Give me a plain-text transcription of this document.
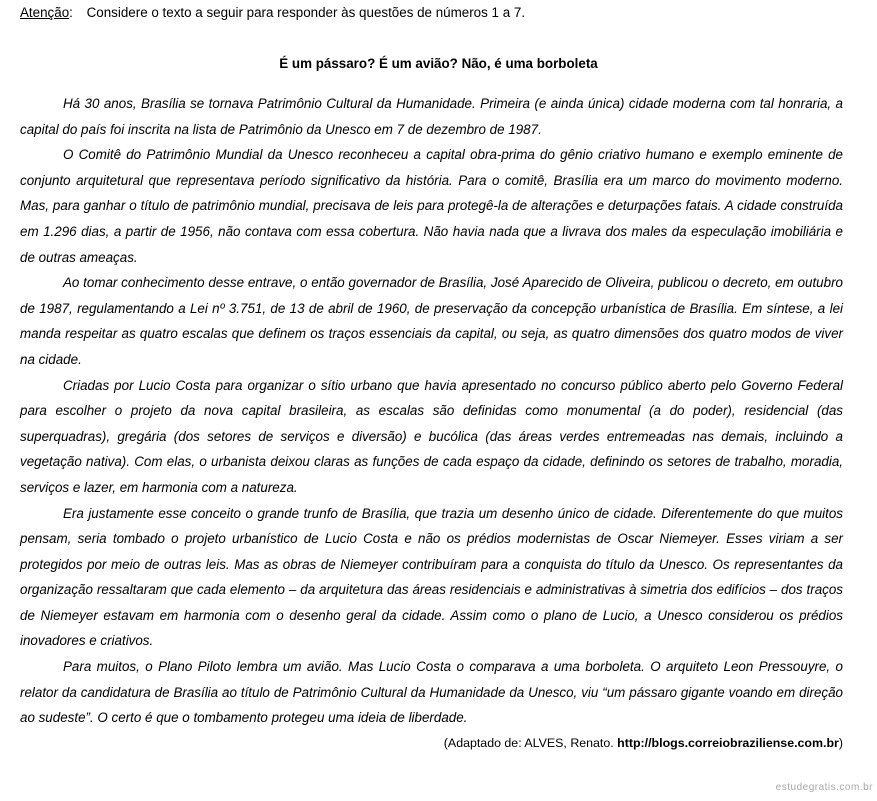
Atenção: Considere o texto a seguir para responder às questões de números 1 a 7.
É um pássaro? É um avião? Não, é uma borboleta

Há 30 anos, Brasília se tornava Patrimônio Cultural da Humanidade. Primeira (e ainda única) cidade moderna com tal honraria, a capital do país foi inscrita na lista de Patrimônio da Unesco em 7 de dezembro de 1987.

O Comitê do Patrimônio Mundial da Unesco reconheceu a capital obra-prima do gênio criativo humano e exemplo eminente de conjunto arquitetural que representava período significativo da história. Para o comitê, Brasília era um marco do movimento moderno. Mas, para ganhar o título de patrimônio mundial, precisava de leis para protegê-la de alterações e deturpações fatais. A cidade construída em 1.296 dias, a partir de 1956, não contava com essa cobertura. Não havia nada que a livrava dos males da especulação imobiliária e de outras ameaças.

Ao tomar conhecimento desse entrave, o então governador de Brasília, José Aparecido de Oliveira, publicou o decreto, em outubro de 1987, regulamentando a Lei nº 3.751, de 13 de abril de 1960, de preservação da concepção urbanística de Brasília. Em síntese, a lei manda respeitar as quatro escalas que definem os traços essenciais da capital, ou seja, as quatro dimensões dos quatro modos de viver na cidade.

Criadas por Lucio Costa para organizar o sítio urbano que havia apresentado no concurso público aberto pelo Governo Federal para escolher o projeto da nova capital brasileira, as escalas são definidas como monumental (a do poder), residencial (das superquadras), gregária (dos setores de serviços e diversão) e bucólica (das áreas verdes entremeadas nas demais, incluindo a vegetação nativa). Com elas, o urbanista deixou claras as funções de cada espaço da cidade, definindo os setores de trabalho, moradia, serviços e lazer, em harmonia com a natureza.

Era justamente esse conceito o grande trunfo de Brasília, que trazia um desenho único de cidade. Diferentemente do que muitos pensam, seria tombado o projeto urbanístico de Lucio Costa e não os prédios modernistas de Oscar Niemeyer. Esses viriam a ser protegidos por meio de outras leis. Mas as obras de Niemeyer contribuíram para a conquista do título da Unesco. Os representantes da organização ressaltaram que cada elemento – da arquitetura das áreas residenciais e administrativas à simetria dos edifícios – dos traços de Niemeyer estavam em harmonia com o desenho geral da cidade. Assim como o plano de Lucio, a Unesco considerou os prédios inovadores e criativos.

Para muitos, o Plano Piloto lembra um avião. Mas Lucio Costa o comparava a uma borboleta. O arquiteto Leon Pressouyre, o relator da candidatura de Brasília ao título de Patrimônio Cultural da Humanidade da Unesco, viu “um pássaro gigante voando em direção ao sudeste”. O certo é que o tombamento protegeu uma ideia de liberdade.

(Adaptado de: ALVES, Renato. http://blogs.correiobraziliense.com.br)
estudegratis.com.br
